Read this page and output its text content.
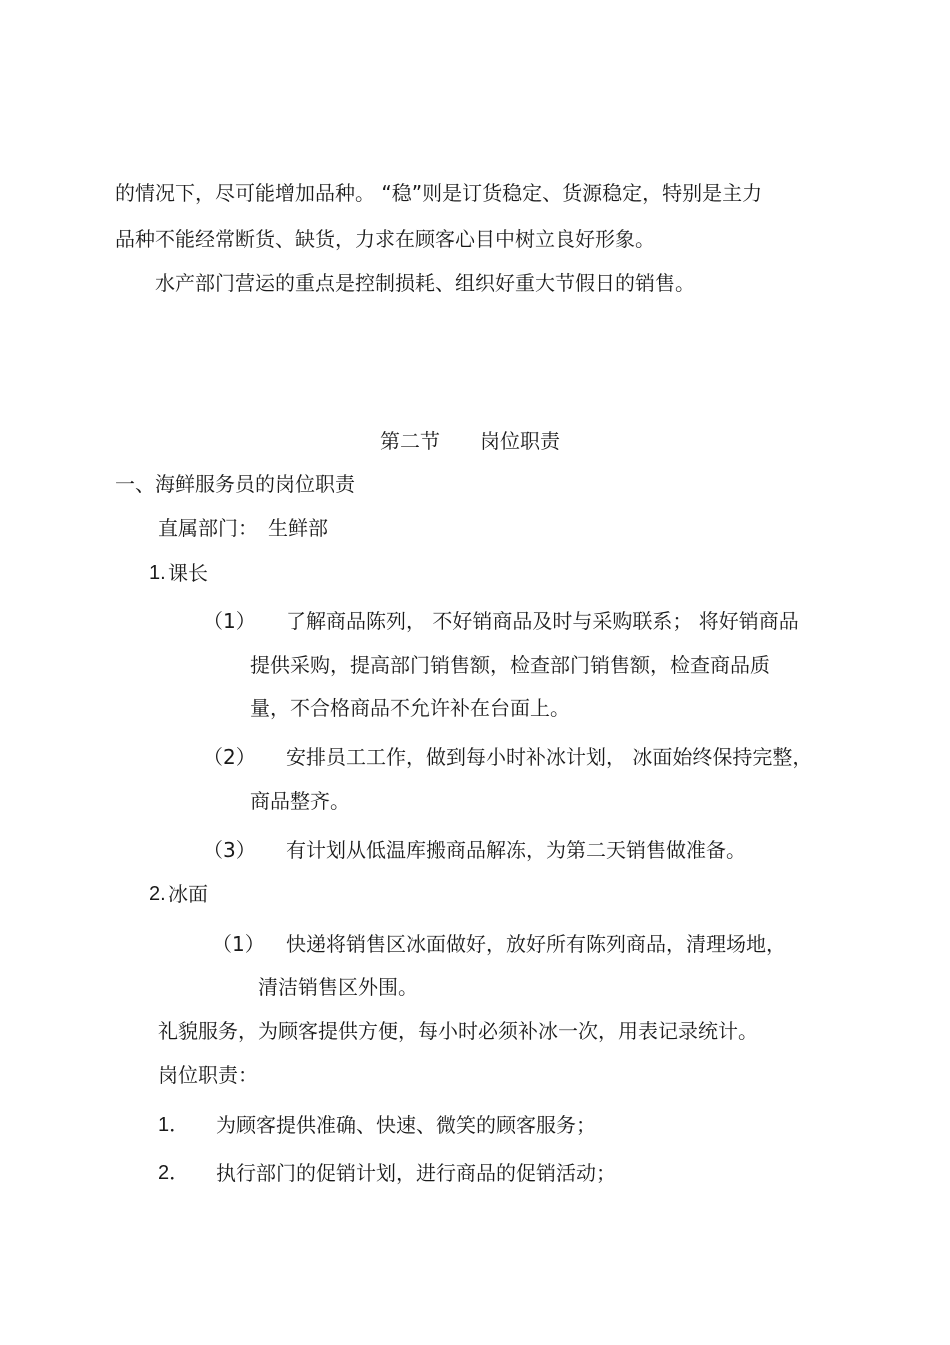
的情况下，尽可能增加品种。 “稳”则是订货稳定、货源稳定，特别是主力
品种不能经常断货、缺货，力求在顾客心目中树立良好形象。
水产部门营运的重点是控制损耗、组织好重大节假日的销售。
第二节 岗位职责
一、海鲜服务员的岗位职责
直属部门： 生鲜部
1. 课长
（1） 了解商品陈列， 不好销商品及时与采购联系； 将好销商品
提供采购，提高部门销售额，检查部门销售额，检查商品质
量，不合格商品不允许补在台面上。
（2） 安排员工工作，做到每小时补冰计划， 冰面始终保持完整，
商品整齐。
（3） 有计划从低温库搬商品解冻，为第二天销售做准备。
2. 冰面
（1） 快递将销售区冰面做好，放好所有陈列商品，清理场地，
清洁销售区外围。
礼貌服务，为顾客提供方便，每小时必须补冰一次，用表记录统计。
岗位职责：
1． 为顾客提供准确、快速、微笑的顾客服务；
2． 执行部门的促销计划，进行商品的促销活动；
